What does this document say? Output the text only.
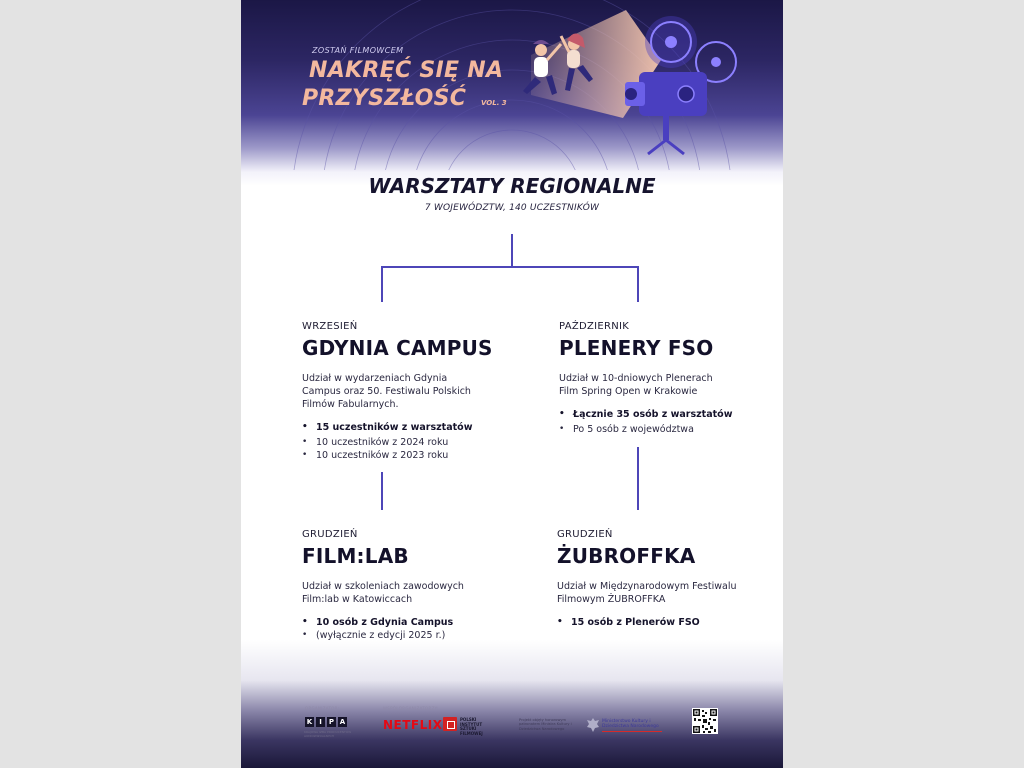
ZOSTAŃ FILMOWCEM
NAKRĘĆ SIĘ NA
PRZYSZŁOŚĆ VOL. 3
WARSZTATY REGIONALNE
7 WOJEWÓDZTW, 140 UCZESTNIKÓW
WRZESIEŃ
GDYNIA CAMPUS
Udział w wydarzeniach Gdynia Campus oraz 50. Festiwalu Polskich Filmów Fabularnych.
• 15 uczestników z warsztatów
• 10 uczestników z 2024 roku
• 10 uczestników z 2023 roku
PAŹDZIERNIK
PLENERY FSO
Udział w 10-dniowych Plenerach Film Spring Open w Krakowie
• Łącznie 35 osób z warsztatów
• Po 5 osób z województwa
GRUDZIEŃ
FILM:LAB
Udział w szkoleniach zawodowych Film:lab w Katowiccach
• 10 osób z Gdynia Campus
• (wyłącznie z edycji 2025 r.)
GRUDZIEŃ
ŻUBROFFKA
Udział w Międzynarodowym Festiwalu Filmowym ŻUBROFFKA
• 15 osób z Plenerów FSO
ORGANIZATOR:	WSPÓŁORGANIZATORZY:
K I	P A
KRAJOWA IZBA PRODUCENTÓW AUDIOWIZUALNYCH
NETFLIX	POLSKI INSTYTUT SZTUKI FILMOWEJ
Projekt objęty honorowym patronatem Ministra Kultury i Dziedzictwa Narodowego
Ministerstwo Kultury i Dziedzictwa Narodowego
